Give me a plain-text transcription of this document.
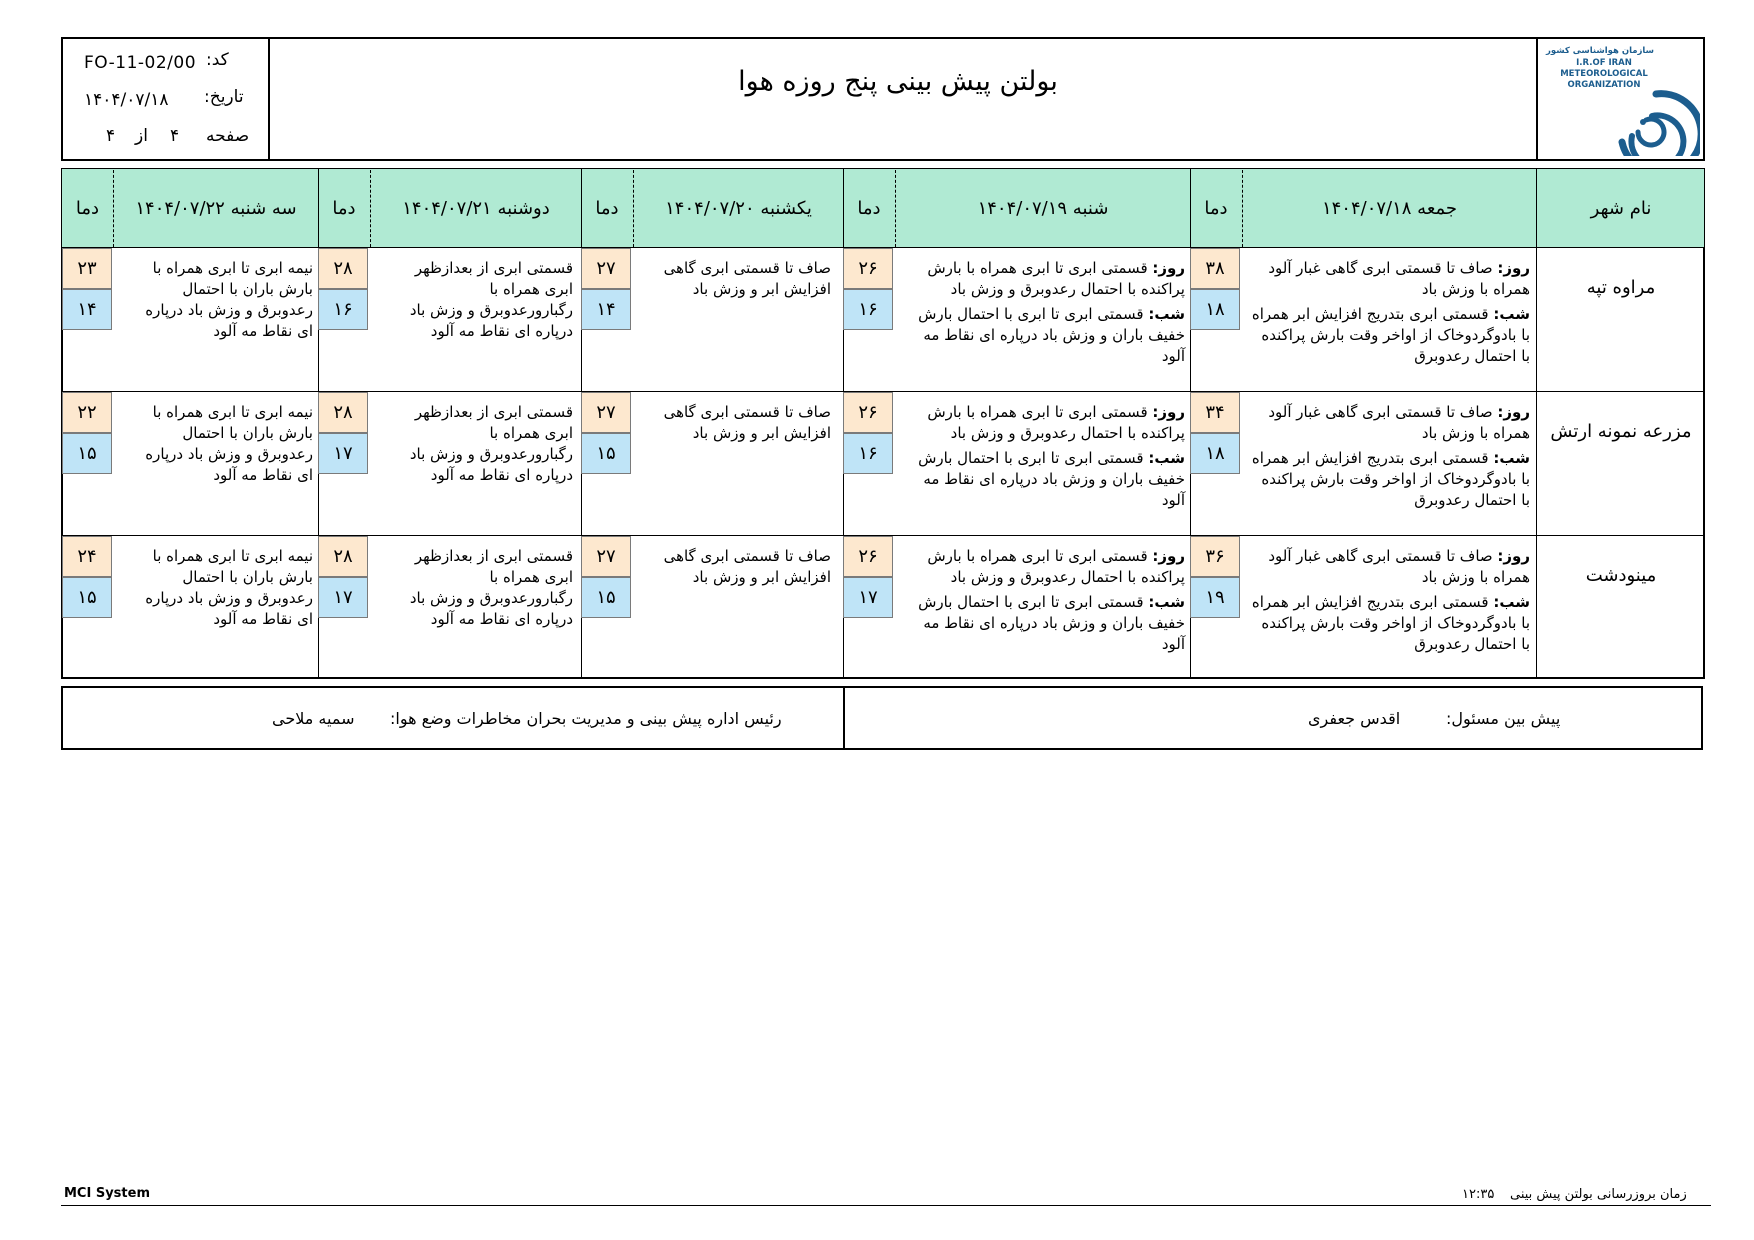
FO-11-02/00 کد:
۱۴۰۴/۰۷/۱۸ تاریخ:
۴ از ۴ صفحه
بولتن پیش بینی پنج روزه هوا
سازمان هواشناسی کشور
I.R.OF IRAN
METEOROLOGICAL
ORGANIZATION
نام شهر
جمعه ۱۴۰۴/۰۷/۱۸
دما
شنبه ۱۴۰۴/۰۷/۱۹
دما
یکشنبه ۱۴۰۴/۰۷/۲۰
دما
دوشنبه ۱۴۰۴/۰۷/۲۱
دما
سه شنبه ۱۴۰۴/۰۷/۲۲
دما
مراوه تپه
روز: صاف تا قسمتی ابری گاهی غبار آلود همراه با وزش باد
شب: قسمتی ابری بتدریج افزایش ابر همراه با بادوگردوخاک از اواخر وقت بارش پراکنده با احتمال رعدوبرق
۳۸
۱۸
روز: قسمتی ابری تا ابری همراه با بارش پراکنده با احتمال رعدوبرق و وزش باد
شب: قسمتی ابری تا ابری با احتمال بارش خفیف باران و وزش باد درپاره ای نقاط مه آلود
۲۶
۱۶
صاف تا قسمتی ابری گاهی افزایش ابر و وزش باد
۲۷
۱۴
قسمتی ابری از بعدازظهر ابری همراه با رگبارورعدوبرق و وزش باد درپاره ای نقاط مه آلود
۲۸
۱۶
نیمه ابری تا ابری همراه با بارش باران با احتمال رعدوبرق و وزش باد درپاره ای نقاط مه آلود
۲۳
۱۴
مزرعه نمونه ارتش
روز: صاف تا قسمتی ابری گاهی غبار آلود همراه با وزش باد
شب: قسمتی ابری بتدریج افزایش ابر همراه با بادوگردوخاک از اواخر وقت بارش پراکنده با احتمال رعدوبرق
۳۴
۱۸
روز: قسمتی ابری تا ابری همراه با بارش پراکنده با احتمال رعدوبرق و وزش باد
شب: قسمتی ابری تا ابری با احتمال بارش خفیف باران و وزش باد درپاره ای نقاط مه آلود
۲۶
۱۶
صاف تا قسمتی ابری گاهی افزایش ابر و وزش باد
۲۷
۱۵
قسمتی ابری از بعدازظهر ابری همراه با رگبارورعدوبرق و وزش باد درپاره ای نقاط مه آلود
۲۸
۱۷
نیمه ابری تا ابری همراه با بارش باران با احتمال رعدوبرق و وزش باد درپاره ای نقاط مه آلود
۲۲
۱۵
مینودشت
روز: صاف تا قسمتی ابری گاهی غبار آلود همراه با وزش باد
شب: قسمتی ابری بتدریج افزایش ابر همراه با بادوگردوخاک از اواخر وقت بارش پراکنده با احتمال رعدوبرق
۳۶
۱۹
روز: قسمتی ابری تا ابری همراه با بارش پراکنده با احتمال رعدوبرق و وزش باد
شب: قسمتی ابری تا ابری با احتمال بارش خفیف باران و وزش باد درپاره ای نقاط مه آلود
۲۶
۱۷
صاف تا قسمتی ابری گاهی افزایش ابر و وزش باد
۲۷
۱۵
قسمتی ابری از بعدازظهر ابری همراه با رگبارورعدوبرق و وزش باد درپاره ای نقاط مه آلود
۲۸
۱۷
نیمه ابری تا ابری همراه با بارش باران با احتمال رعدوبرق و وزش باد درپاره ای نقاط مه آلود
۲۴
۱۵
پیش بین مسئول:
اقدس جعفری
رئیس اداره پیش بینی و مدیریت بحران مخاطرات وضع هوا:
سمیه ملاحی
MCI System	۱۲:۳۵ زمان بروزرسانی بولتن پیش بینی
